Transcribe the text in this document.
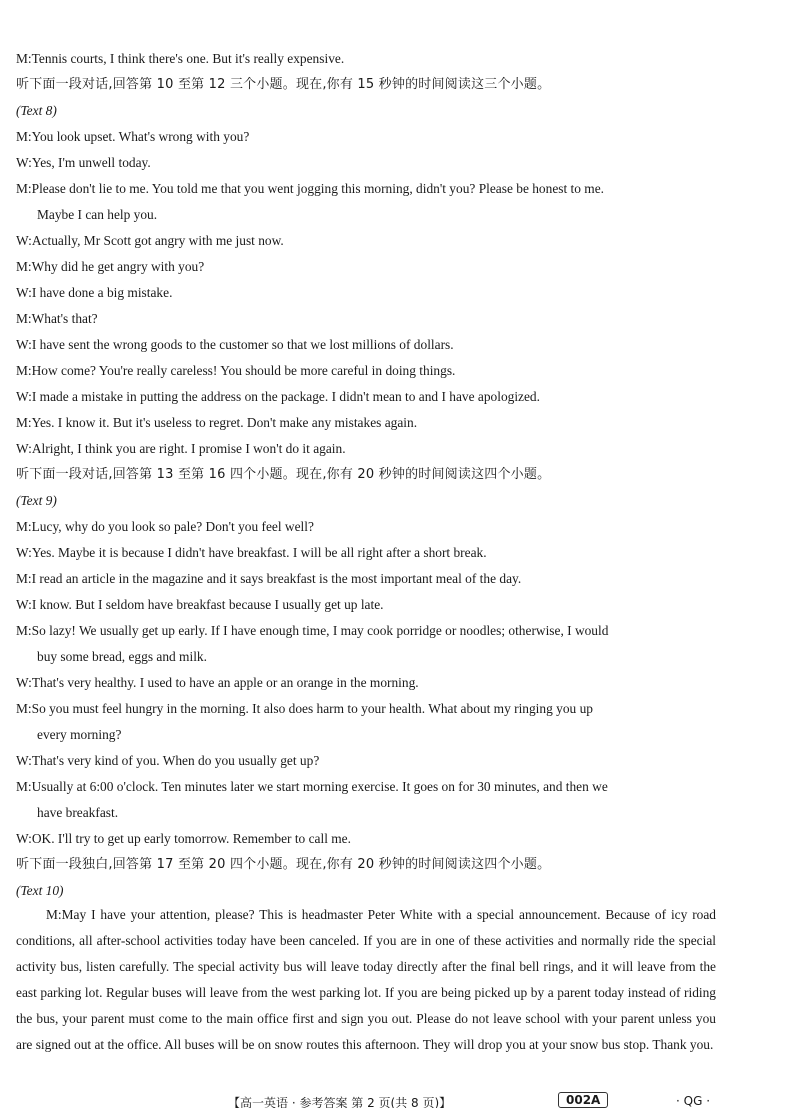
M:Tennis courts, I think there's one. But it's really expensive.
听下面一段对话,回答第 10 至第 12 三个小题。现在,你有 15 秒钟的时间阅读这三个小题。
(Text 8)
M:You look upset. What's wrong with you?
W:Yes, I'm unwell today.
M:Please don't lie to me. You told me that you went jogging this morning, didn't you? Please be honest to me.
Maybe I can help you.
W:Actually, Mr Scott got angry with me just now.
M:Why did he get angry with you?
W:I have done a big mistake.
M:What's that?
W:I have sent the wrong goods to the customer so that we lost millions of dollars.
M:How come? You're really careless! You should be more careful in doing things.
W:I made a mistake in putting the address on the package. I didn't mean to and I have apologized.
M:Yes. I know it. But it's useless to regret. Don't make any mistakes again.
W:Alright, I think you are right. I promise I won't do it again.
听下面一段对话,回答第 13 至第 16 四个小题。现在,你有 20 秒钟的时间阅读这四个小题。
(Text 9)
M:Lucy, why do you look so pale? Don't you feel well?
W:Yes. Maybe it is because I didn't have breakfast. I will be all right after a short break.
M:I read an article in the magazine and it says breakfast is the most important meal of the day.
W:I know. But I seldom have breakfast because I usually get up late.
M:So lazy! We usually get up early. If I have enough time, I may cook porridge or noodles; otherwise, I would
buy some bread, eggs and milk.
W:That's very healthy. I used to have an apple or an orange in the morning.
M:So you must feel hungry in the morning. It also does harm to your health. What about my ringing you up
every morning?
W:That's very kind of you. When do you usually get up?
M:Usually at 6:00 o'clock. Ten minutes later we start morning exercise. It goes on for 30 minutes, and then we
have breakfast.
W:OK. I'll try to get up early tomorrow. Remember to call me.
听下面一段独白,回答第 17 至第 20 四个小题。现在,你有 20 秒钟的时间阅读这四个小题。
(Text 10)
M:May I have your attention, please? This is headmaster Peter White with a special announcement. Because of icy road conditions, all after-school activities today have been canceled. If you are in one of these activities and normally ride the special activity bus, listen carefully. The special activity bus will leave today directly after the final bell rings, and it will leave from the east parking lot. Regular buses will leave from the west parking lot. If you are being picked up by a parent today instead of riding the bus, your parent must come to the main office first and sign you out. Please do not leave school with your parent unless you are signed out at the office. All buses will be on snow routes this afternoon. They will drop you at your snow bus stop. Thank you.
【高一英语 · 参考答案 第 2 页(共 8 页)】	002A	· QG ·
